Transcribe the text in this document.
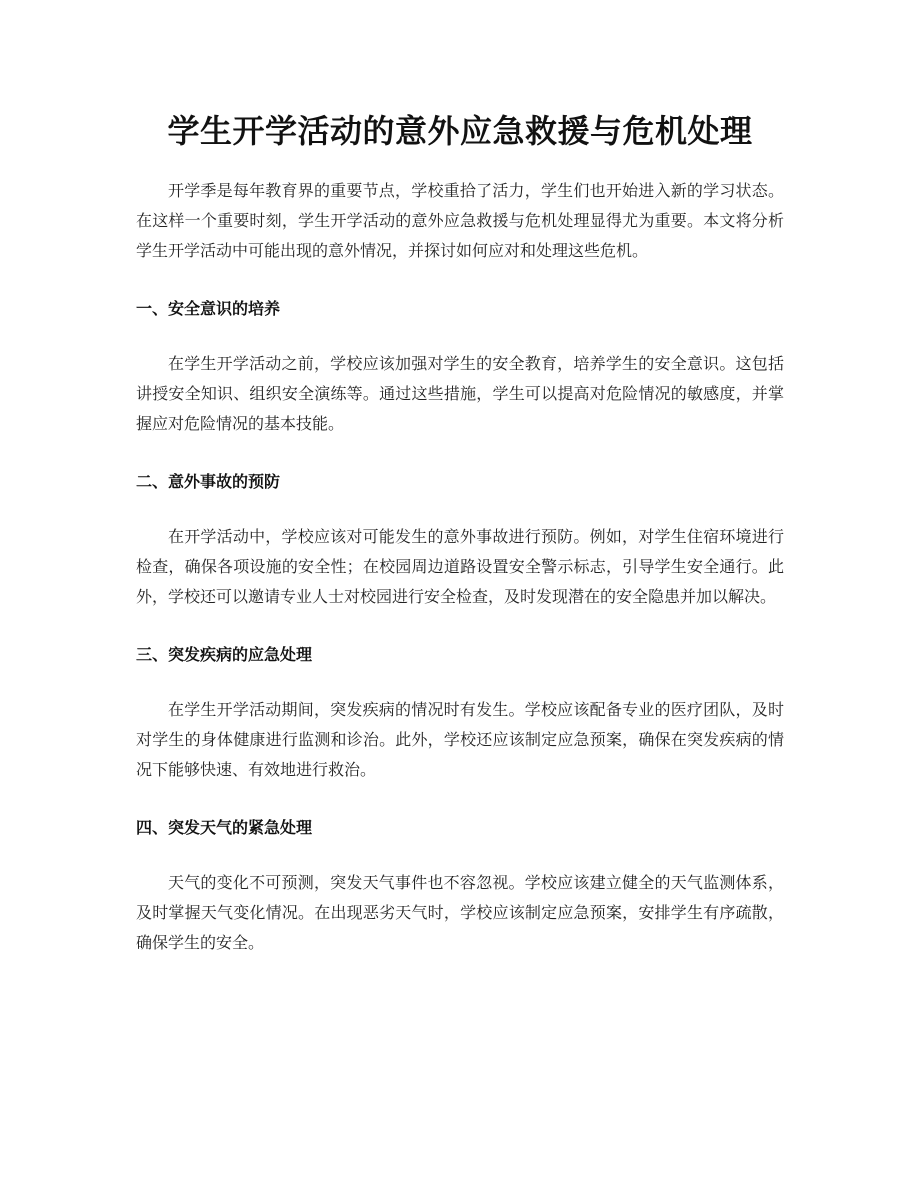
学生开学活动的意外应急救援与危机处理

开学季是每年教育界的重要节点，学校重拾了活力，学生们也开始进入新的学习状态。在这样一个重要时刻，学生开学活动的意外应急救援与危机处理显得尤为重要。本文将分析学生开学活动中可能出现的意外情况，并探讨如何应对和处理这些危机。

一、安全意识的培养

在学生开学活动之前，学校应该加强对学生的安全教育，培养学生的安全意识。这包括讲授安全知识、组织安全演练等。通过这些措施，学生可以提高对危险情况的敏感度，并掌握应对危险情况的基本技能。

二、意外事故的预防

在开学活动中，学校应该对可能发生的意外事故进行预防。例如，对学生住宿环境进行检查，确保各项设施的安全性；在校园周边道路设置安全警示标志，引导学生安全通行。此外，学校还可以邀请专业人士对校园进行安全检查，及时发现潜在的安全隐患并加以解决。

三、突发疾病的应急处理

在学生开学活动期间，突发疾病的情况时有发生。学校应该配备专业的医疗团队，及时对学生的身体健康进行监测和诊治。此外，学校还应该制定应急预案，确保在突发疾病的情况下能够快速、有效地进行救治。

四、突发天气的紧急处理

天气的变化不可预测，突发天气事件也不容忽视。学校应该建立健全的天气监测体系，及时掌握天气变化情况。在出现恶劣天气时，学校应该制定应急预案，安排学生有序疏散，确保学生的安全。
